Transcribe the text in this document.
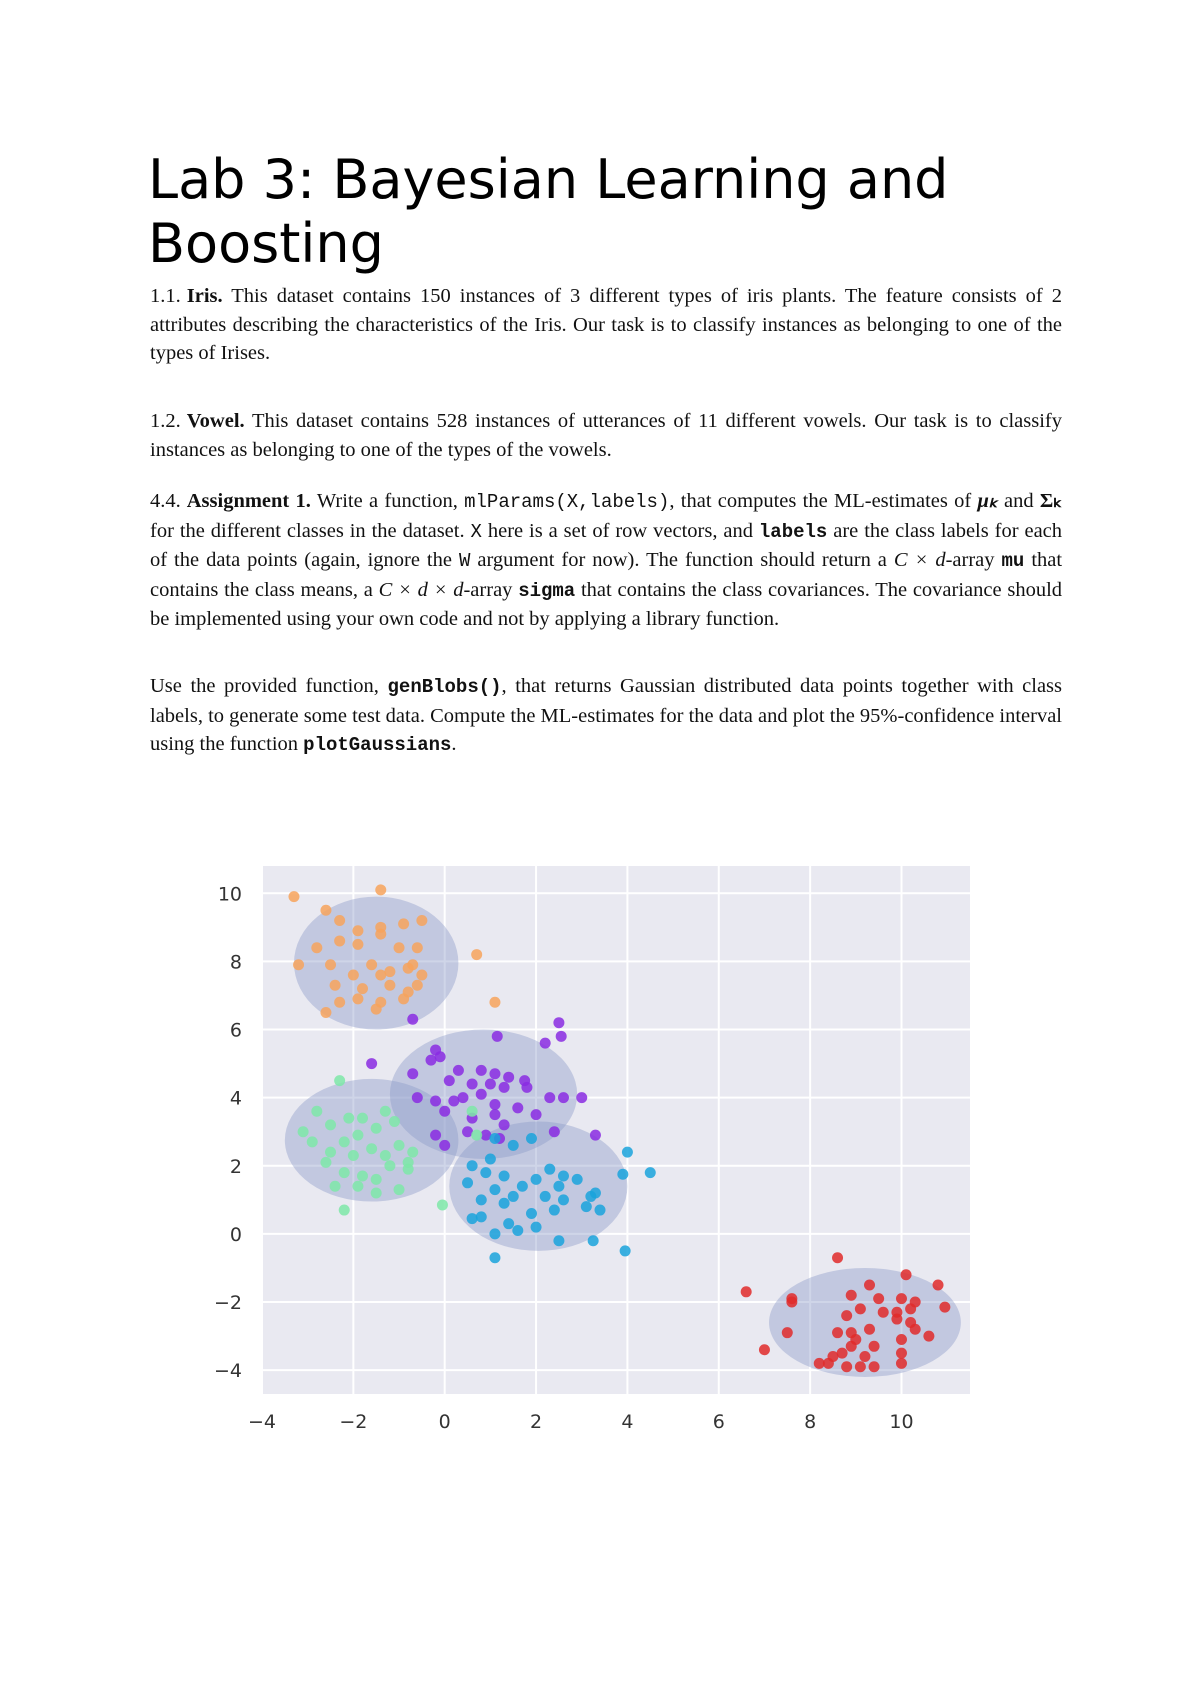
Lab 3: Bayesian Learning and Boosting

1.1. Iris. This dataset contains 150 instances of 3 different types of iris plants. The feature consists of 2 attributes describing the characteristics of the Iris. Our task is to classify instances as belonging to one of the types of Irises.

1.2. Vowel. This dataset contains 528 instances of utterances of 11 different vowels. Our task is to classify instances as belonging to one of the types of the vowels.

4.4. Assignment 1. Write a function, mlParams(X,labels), that computes the ML-estimates of μₖ and Σₖ for the different classes in the dataset. X here is a set of row vectors, and labels are the class labels for each of the data points (again, ignore the W argument for now). The function should return a C × d-array mu that contains the class means, a C × d × d-array sigma that contains the class covariances. The covariance should be implemented using your own code and not by applying a library function.

Use the provided function, genBlobs(), that returns Gaussian distributed data points together with class labels, to generate some test data. Compute the ML-estimates for the data and plot the 95%-confidence interval using the function plotGaussians.

−4	−2	0	2	4	6	8	10
−4
−2
0
2
4
6
8
10
